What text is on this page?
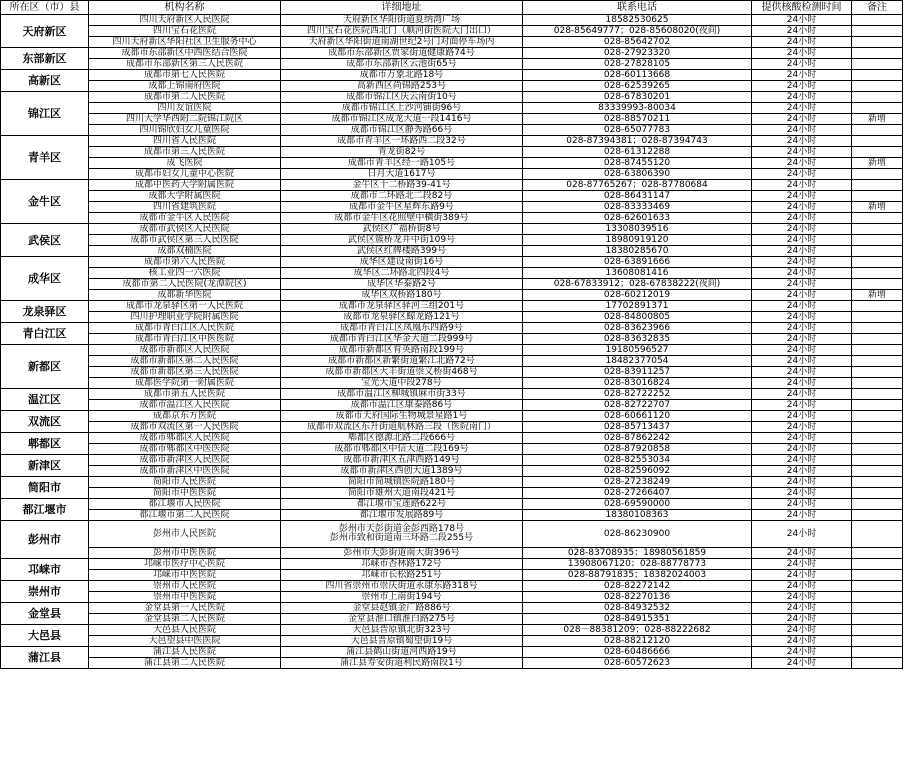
所在区（市）县	机构名称	详细地址	联系电话	提供核酸检测时间	备注
天府新区	四川天府新区人民医院	天府新区华阳街道夏纳湾广场	18582530625	24小时	
	四川宝石花医院	四川宝石花医院西北门（顺河街医院大门出口）	028-85649777；028-85608020(夜间)	24小时	
	四川天府新区华阳社区卫生服务中心	天府新区华阳街道南湖世纪2号门对面停车场内	028-85642702	24小时	
东部新区	成都市东部新区中西医结合医院	成都市东部新区贾家街道健康路74号	028-27923320	24小时	
	成都市东部新区第三人民医院	成都市东部新区云池街65号	028-27828105	24小时	
高新区	成都市第七人民医院	成都市万象北路18号	028-60113668	24小时	
	成都上锦南府医院	高新西区尚锦路253号	028-62539265	24小时	
锦江区	成都市第二人民医院	成都市锦江区庆云南街10号	028-67830201	24小时	
	四川友谊医院	成都市锦江区上沙河铺街96号	83339993-80034	24小时	
	四川大学华西附二院锦江院区	成都市锦江区成龙大道一段1416号	028-88570211	24小时	新增
	四川锦欣妇女儿童医院	成都市锦江区静秀路66号	028-65077783	24小时	
青羊区	四川省人民医院	成都市青羊区一环路西二段32号	028-87394381；028-87394743	24小时	
	成都市第三人民医院	青龙街82号	028-61312288	24小时	
	成飞医院	成都市青羊区经一路105号	028-87455120	24小时	新增
	成都市妇女儿童中心医院	日月大道1617号	028-63806390	24小时	
金牛区	成都中医药大学附属医院	金牛区十二桥路39-41号	028-87765267；028-87780684	24小时	
	成都大学附属医院	成都市二环路北二段82号	028-86431147	24小时	
	四川省建筑医院	成都市金牛区星辉东路9号	028-83333469	24小时	新增
	成都市金牛区人民医院	成都市金牛区花照壁中横街389号	028-62601633	24小时	
武侯区	成都市武侯区人民医院	武侯区广福桥街8号	13308039516	24小时	
	成都市武侯区第三人民医院	武侯区簇桥龙井中街109号	18980919120	24小时	
	成都双楠医院	武侯区红牌楼路399号	18380285670	24小时	
成华区	成都市第六人民医院	成华区建设南街16号	028-63891666	24小时	
	核工业四一六医院	成华区二环路北四段4号	13608081416	24小时	
	成都市第二人民医院(龙潭院区)	成华区华泰路2号	028-67833912；028-67838222(夜间)	24小时	
	成都新华医院	成华区双桥路180号	028-60212019	24小时	新增
龙泉驿区	成都市龙泉驿区第一人民医院	成都市龙泉驿区驿河三组201号	17702891371	24小时	
	四川护理职业学院附属医院	成都市龙泉驿区鲸龙路121号	028-84800805	24小时	
青白江区	成都市青白江区人民医院	成都市青白江区凤凰东四路9号	028-83623966	24小时	
	成都市青白江区中医医院	成都市青白江区华金大道二段999号	028-83632835	24小时	
新都区	成都市新都区人民医院	成都市新都区育英路南段199号	19180596527	24小时	
	成都市新都区第二人民医院	成都市新都区新繁街道繁江北路72号	18482377054	24小时	
	成都市新都区第三人民医院	成都市新都区大丰街道崇义桥街468号	028-83911257	24小时	
	成都医学院第一附属医院	宝光大道中段278号	028-83016824	24小时	
温江区	成都市第五人民医院	成都市温江区柳城镇麻市街33号	028-82722252	24小时	
	成都市温江区人民医院	成都市温江区康泰路86号	028-82722707	24小时	
双流区	成都京东方医院	成都市天府国际生物城景星路1号	028-60661120	24小时	
	成都市双流区第一人民医院	成都市双流区东升街道航林路三段（医院南门）	028-85713437	24小时	
郫都区	成都市郫都区人民医院	郫都区德源北路二段666号	028-87862242	24小时	
	成都市郫都区中医医院	成都市郫都区中信大道二段169号	028-87920858	24小时	
新津区	成都市新津区人民医院	成都市新津区五津西路149号	028-82553034	24小时	
	成都市新津区中医医院	成都市新津区西创大道1389号	028-82596092	24小时	
简阳市	简阳市人民医院	简阳市简城镇医院路180号	028-27238249	24小时	
	简阳市中医医院	简阳市雄州大道南段421号	028-27266407	24小时	
都江堰市	都江堰市人民医院	都江堰市宝莲路622号	028-69590000	24小时	
	都江堰市第二人民医院	都江堰市发展路89号	18380108363	24小时	
彭州市	彭州市人民医院	彭州市天彭街道金彭西路178号
彭州市致和街道南三环路二段255号	028-86230900	24小时	
	彭州市中医医院	彭州市天彭街道南大街396号	028-83708935；18980561859	24小时	
邛崃市	邛崃市医疗中心医院	邛崃市杏林路172号	13908067120；028-88778773	24小时	
	邛崃市中医医院	邛崃市长松路251号	028-88791835；18382024003	24小时	
崇州市	崇州市人民医院	四川省崇州市崇庆街道永康东路318号	028-82272142	24小时	
	崇州市中医医院	崇州市上南街194号	028-82270136	24小时	
金堂县	金堂县第一人民医院	金堂县赵镇金广路886号	028-84932532	24小时	
	金堂县第二人民医院	金堂县淮口镇淮白路275号	028-84915351	24小时	
大邑县	大邑县人民医院	大邑县晋原镇北街323号	028－88381209；028-88222682	24小时	
	大邑望县中医医院	大邑县晋原镇蜀望街19号	028-88212120	24小时	
蒲江县	蒲江县人民医院	蒲江县鹤山街道河西路19号	028-60486666	24小时	
	蒲江县第二人民医院	蒲江县寿安街道利民路南段1号	028-60572623	24小时	
